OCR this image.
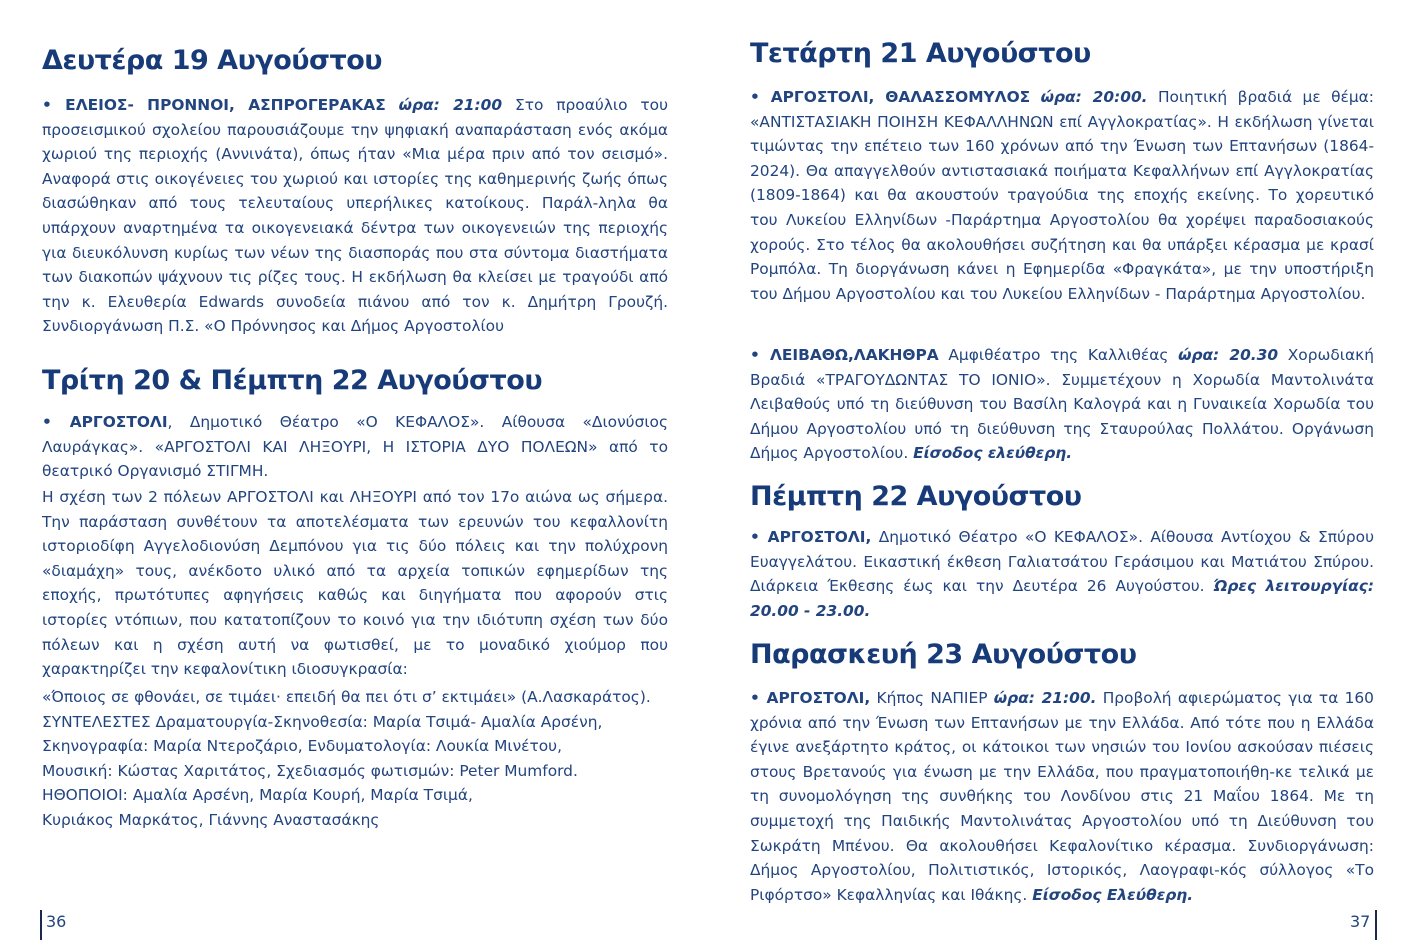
Δευτέρα 19 Αυγούστου

• ΕΛΕΙΟΣ- ΠΡΟΝΝΟΙ, ΑΣΠΡΟΓΕΡΑΚΑΣ ώρα: 21:00 Στο προαύλιο του προσεισμικού σχολείου παρουσιάζουμε την ψηφιακή αναπαράσταση ενός ακόμα χωριού της περιοχής (Αννινάτα), όπως ήταν «Μια μέρα πριν από τον σεισμό». Αναφορά στις οικογένειες του χωριού και ιστορίες της καθημερινής ζωής όπως διασώθηκαν από τους τελευταίους υπερήλικες κατοίκους. Παράλ-ληλα θα υπάρχουν αναρτημένα τα οικογενειακά δέντρα των οικογενειών της περιοχής για διευκόλυνση κυρίως των νέων της διασποράς που στα σύντομα διαστήματα των διακοπών ψάχνουν τις ρίζες τους. Η εκδήλωση θα κλείσει με τραγούδι από την κ. Ελευθερία Edwards συνοδεία πιάνου από τον κ. Δημήτρη Γρουζή. Συνδιοργάνωση Π.Σ. «Ο Πρόννησος και Δήμος Αργοστολίου

Τρίτη 20 & Πέμπτη 22 Αυγούστου

• ΑΡΓΟΣΤΟΛΙ, Δημοτικό Θέατρο «Ο ΚΕΦΑΛΟΣ». Αίθουσα «Διονύσιος Λαυράγκας». «ΑΡΓΟΣΤΟΛΙ ΚΑΙ ΛΗΞΟΥΡΙ, Η ΙΣΤΟΡΙΑ ΔΥΟ ΠΟΛΕΩΝ» από το θεατρικό Οργανισμό ΣΤΙΓΜΗ.

Η σχέση των 2 πόλεων ΑΡΓΟΣΤΟΛΙ και ΛΗΞΟΥΡΙ από τον 17ο αιώνα ως σήμερα. Την παράσταση συνθέτουν τα αποτελέσματα των ερευνών του κεφαλλονίτη ιστοριοδίφη Αγγελοδιονύση Δεμπόνου για τις δύο πόλεις και την πολύχρονη «διαμάχη» τους, ανέκδοτο υλικό από τα αρχεία τοπικών εφημερίδων της εποχής, πρωτότυπες αφηγήσεις καθώς και διηγήματα που αφορούν στις ιστορίες ντόπιων, που κατατοπίζουν το κοινό για την ιδιότυπη σχέση των δύο πόλεων και η σχέση αυτή να φωτισθεί, με το μοναδικό χιούμορ που χαρακτηρίζει την κεφαλονίτικη ιδιοσυγκρασία:

«Όποιος σε φθονάει, σε τιμάει· επειδή θα πει ότι σ’ εκτιμάει» (Α.Λασκαράτος).
ΣΥΝΤΕΛΕΣΤΕΣ Δραματουργία-Σκηνοθεσία: Μαρία Τσιμά- Αμαλία Αρσένη,
Σκηνογραφία: Μαρία Ντεροζάριο, Ενδυματολογία: Λουκία Μινέτου,
Μουσική: Κώστας Χαριτάτος, Σχεδιασμός φωτισμών: Peter Mumford.
ΗΘΟΠΟΙΟΙ: Αμαλία Αρσένη, Μαρία Κουρή, Μαρία Τσιμά,
Κυριάκος Μαρκάτος, Γιάννης Αναστασάκης
36
Τετάρτη 21 Αυγούστου

• ΑΡΓΟΣΤΟΛΙ, ΘΑΛΑΣΣΟΜΥΛΟΣ ώρα: 20:00. Ποιητική βραδιά με θέμα: «ΑΝΤΙΣΤΑΣΙΑΚΗ ΠΟΙΗΣΗ ΚΕΦΑΛΛΗΝΩΝ επί Αγγλοκρατίας». Η εκδήλωση γίνεται τιμώντας την επέτειο των 160 χρόνων από την Ένωση των Επτανήσων (1864-2024). Θα απαγγελθούν αντιστασιακά ποιήματα Κεφαλλήνων επί Αγγλοκρατίας (1809-1864) και θα ακουστούν τραγούδια της εποχής εκείνης. Το χορευτικό του Λυκείου Ελληνίδων -Παράρτημα Αργοστολίου θα χορέψει παραδοσιακούς χορούς. Στο τέλος θα ακολουθήσει συζήτηση και θα υπάρξει κέρασμα με κρασί Ρομπόλα. Τη διοργάνωση κάνει η Εφημερίδα «Φραγκάτα», με την υποστήριξη του Δήμου Αργοστολίου και του Λυκείου Ελληνίδων - Παράρτημα Αργοστολίου.

• ΛΕΙΒΑΘΩ,ΛΑΚΗΘΡΑ Αμφιθέατρο της Καλλιθέας ώρα: 20.30 Χορωδιακή Βραδιά «ΤΡΑΓΟΥΔΩΝΤΑΣ ΤΟ ΙΟΝΙΟ». Συμμετέχουν η Χορωδία Μαντολινάτα Λειβαθούς υπό τη διεύθυνση του Βασίλη Καλογρά και η Γυναικεία Χορωδία του Δήμου Αργοστολίου υπό τη διεύθυνση της Σταυρούλας Πολλάτου. Οργάνωση Δήμος Αργοστολίου. Είσοδος ελεύθερη.

Πέμπτη 22 Αυγούστου

• ΑΡΓΟΣΤΟΛΙ, Δημοτικό Θέατρο «Ο ΚΕΦΑΛΟΣ». Αίθουσα Αντίοχου & Σπύρου Ευαγγελάτου. Εικαστική έκθεση Γαλιατσάτου Γεράσιμου και Ματιάτου Σπύρου. Διάρκεια Έκθεσης έως και την Δευτέρα 26 Αυγούστου. Ώρες λειτουργίας: 20.00 - 23.00.

Παρασκευή 23 Αυγούστου

• ΑΡΓΟΣΤΟΛΙ, Κήπος ΝΑΠΙΕΡ ώρα: 21:00. Προβολή αφιερώματος για τα 160 χρόνια από την Ένωση των Επτανήσων με την Ελλάδα. Από τότε που η Ελλάδα έγινε ανεξάρτητο κράτος, οι κάτοικοι των νησιών του Ιονίου ασκούσαν πιέσεις στους Βρετανούς για ένωση με την Ελλάδα, που πραγματοποιήθη-κε τελικά με τη συνομολόγηση της συνθήκης του Λονδίνου στις 21 Μαΐου 1864. Με τη συμμετοχή της Παιδικής Μαντολινάτας Αργοστολίου υπό τη Διεύθυνση του Σωκράτη Μπένου. Θα ακολουθήσει Κεφαλονίτικο κέρασμα. Συνδιοργάνωση: Δήμος Αργοστολίου, Πολιτιστικός, Ιστορικός, Λαογραφι-κός σύλλογος «Το Ριφόρτσο» Κεφαλληνίας και Ιθάκης. Είσοδος Ελεύθερη.

37
